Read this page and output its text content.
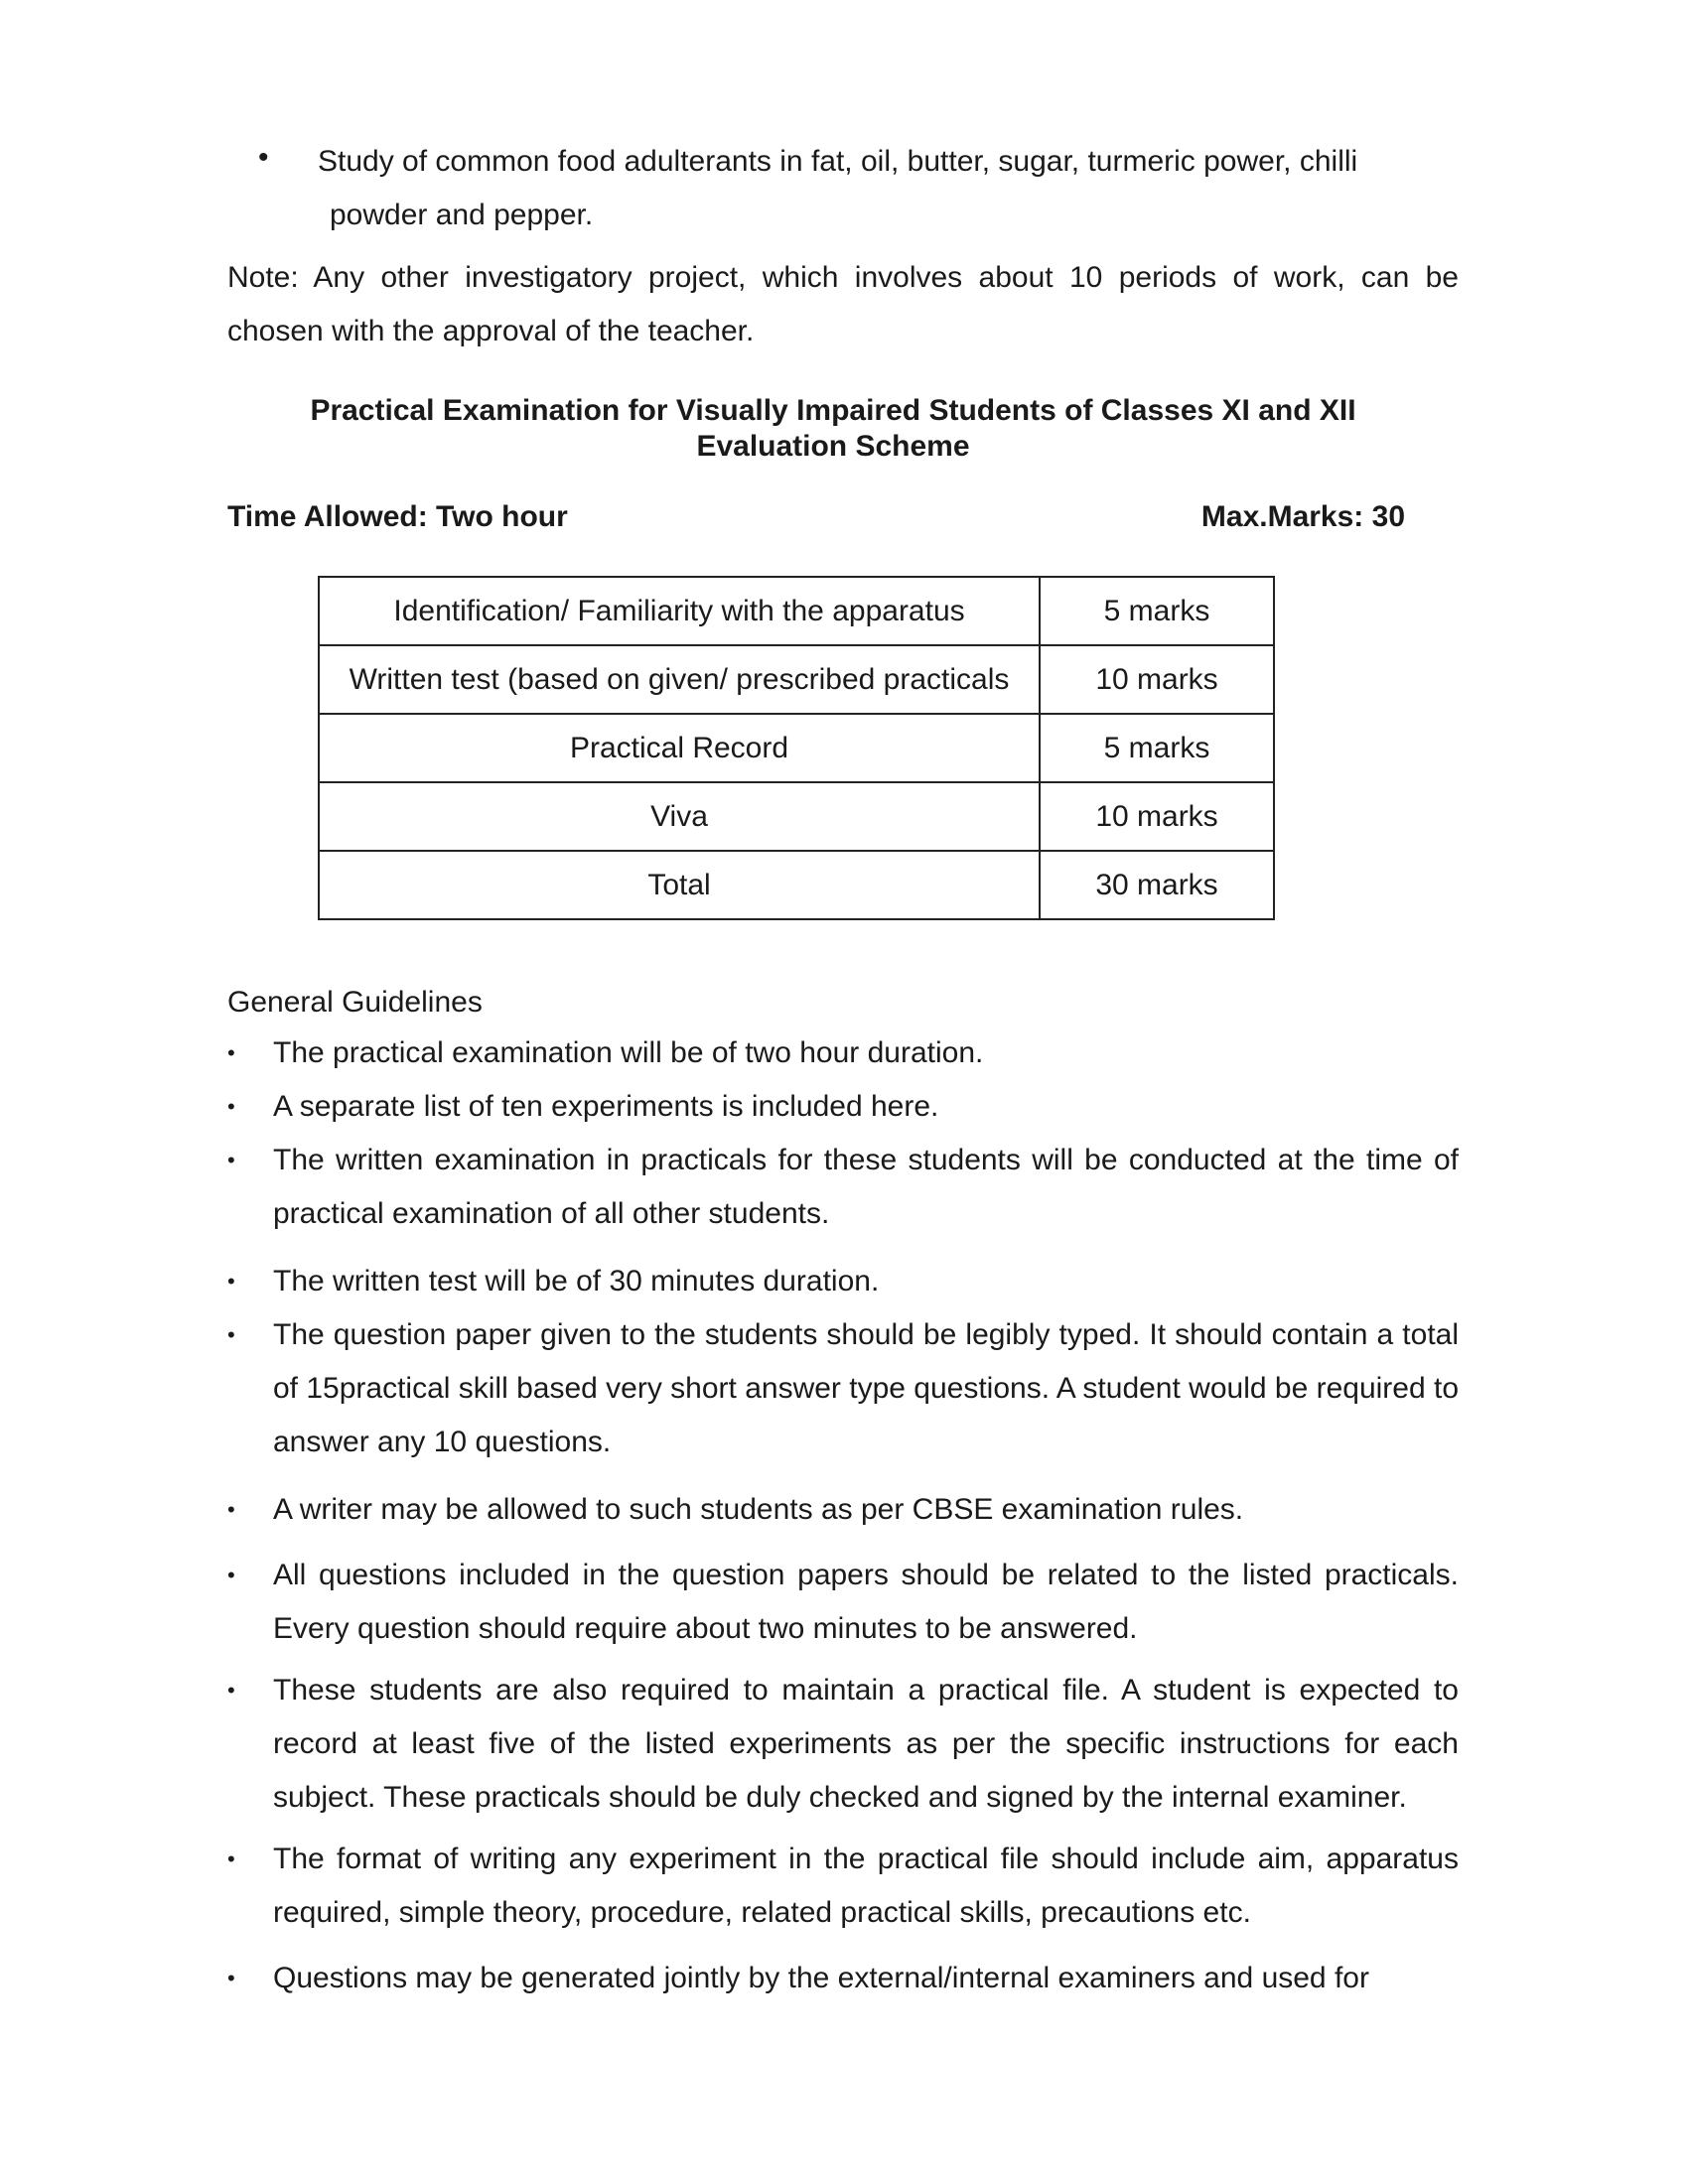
• Study of common food adulterants in fat, oil, butter, sugar, turmeric power, chilli
powder and pepper.

Note: Any other investigatory project, which involves about 10 periods of work, can be chosen with the approval of the teacher.

Practical Examination for Visually Impaired Students of Classes XI and XII
Evaluation Scheme
Time Allowed: Two hour	Max.Marks: 30
Identification/ Familiarity with the apparatus	5 marks
Written test (based on given/ prescribed practicals	10 marks
Practical Record	5 marks
Viva	10 marks
Total	30 marks
General Guidelines
•	The practical examination will be of two hour duration.
•	A separate list of ten experiments is included here.
•	The written examination in practicals for these students will be conducted at the time of practical examination of all other students.
•	The written test will be of 30 minutes duration.
•	The question paper given to the students should be legibly typed. It should contain a total of 15practical skill based very short answer type questions. A student would be required to answer any 10 questions.
•	A writer may be allowed to such students as per CBSE examination rules.
•	All questions included in the question papers should be related to the listed practicals. Every question should require about two minutes to be answered.
•	These students are also required to maintain a practical file. A student is expected to record at least five of the listed experiments as per the specific instructions for each subject. These practicals should be duly checked and signed by the internal examiner.
•	The format of writing any experiment in the practical file should include aim, apparatus required, simple theory, procedure, related practical skills, precautions etc.
•	Questions may be generated jointly by the external/internal examiners and used for
